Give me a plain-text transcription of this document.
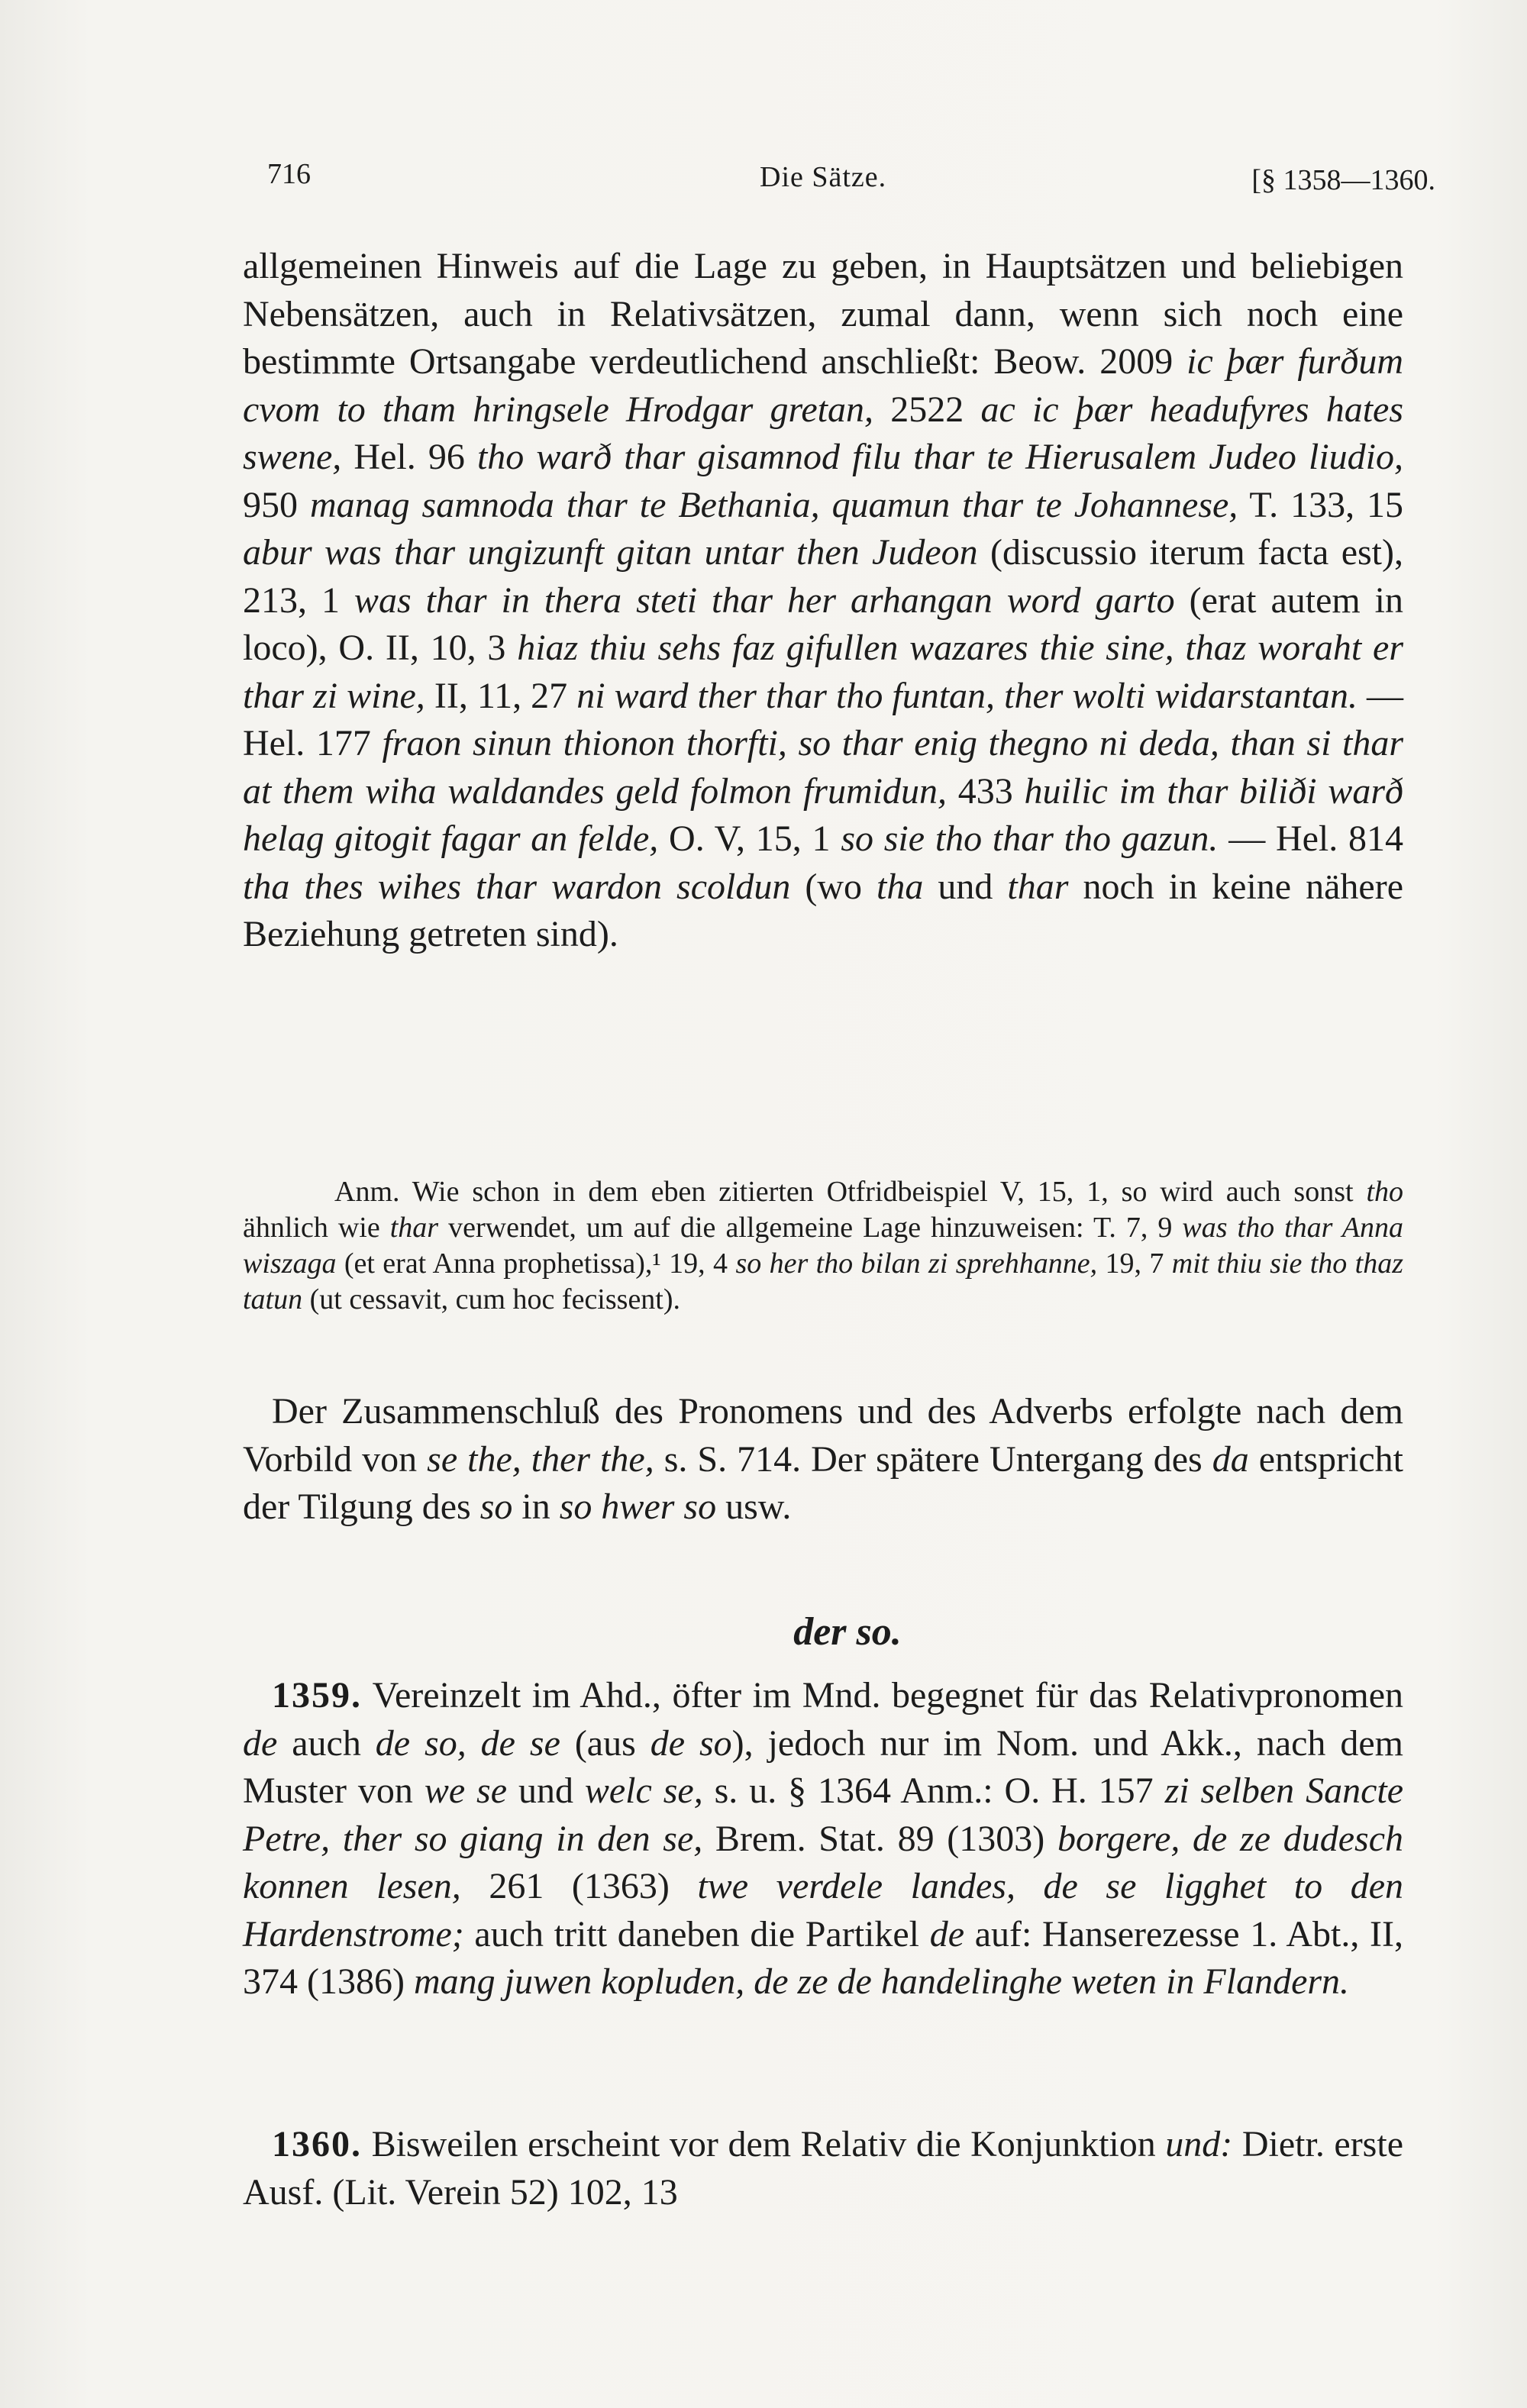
716	Die Sätze.	[§ 1358—1360.

allgemeinen Hinweis auf die Lage zu geben, in Hauptsätzen und beliebigen Nebensätzen, auch in Relativsätzen, zumal dann, wenn sich noch eine bestimmte Ortsangabe verdeutlichend anschließt: Beow. 2009 ic þær furðum cvom to tham hringsele Hrodgar gretan, 2522 ac ic þær headufyres hates swene, Hel. 96 tho warð thar gisamnod filu thar te Hierusalem Judeo liudio, 950 manag samnoda thar te Bethania, quamun thar te Johannese, T. 133, 15 abur was thar ungizunft gitan untar then Judeon (discussio iterum facta est), 213, 1 was thar in thera steti thar her arhangan word garto (erat autem in loco), O. II, 10, 3 hiaz thiu sehs faz gifullen wazares thie sine, thaz woraht er thar zi wine, II, 11, 27 ni ward ther thar tho funtan, ther wolti widarstantan. — Hel. 177 fraon sinun thionon thorfti, so thar enig thegno ni deda, than si thar at them wiha waldandes geld folmon frumidun, 433 huilic im thar biliði warð helag gitogit fagar an felde, O. V, 15, 1 so sie tho thar tho gazun. — Hel. 814 tha thes wihes thar wardon scoldun (wo tha und thar noch in keine nähere Beziehung getreten sind).

Anm. Wie schon in dem eben zitierten Otfridbeispiel V, 15, 1, so wird auch sonst tho ähnlich wie thar verwendet, um auf die allgemeine Lage hinzuweisen: T. 7, 9 was tho thar Anna wiszaga (et erat Anna prophetissa),¹ 19, 4 so her tho bilan zi sprehhanne, 19, 7 mit thiu sie tho thaz tatun (ut cessavit, cum hoc fecissent).

Der Zusammenschluß des Pronomens und des Adverbs erfolgte nach dem Vorbild von se the, ther the, s. S. 714. Der spätere Untergang des da entspricht der Tilgung des so in so hwer so usw.

der so.

1359. Vereinzelt im Ahd., öfter im Mnd. begegnet für das Relativpronomen de auch de so, de se (aus de so), jedoch nur im Nom. und Akk., nach dem Muster von we se und welc se, s. u. § 1364 Anm.: O. H. 157 zi selben Sancte Petre, ther so giang in den se, Brem. Stat. 89 (1303) borgere, de ze dudesch konnen lesen, 261 (1363) twe verdele landes, de se ligghet to den Hardenstrome; auch tritt daneben die Partikel de auf: Hanserezesse 1. Abt., II, 374 (1386) mang juwen kopluden, de ze de handelinghe weten in Flandern.

1360. Bisweilen erscheint vor dem Relativ die Konjunktion und: Dietr. erste Ausf. (Lit. Verein 52) 102, 13
